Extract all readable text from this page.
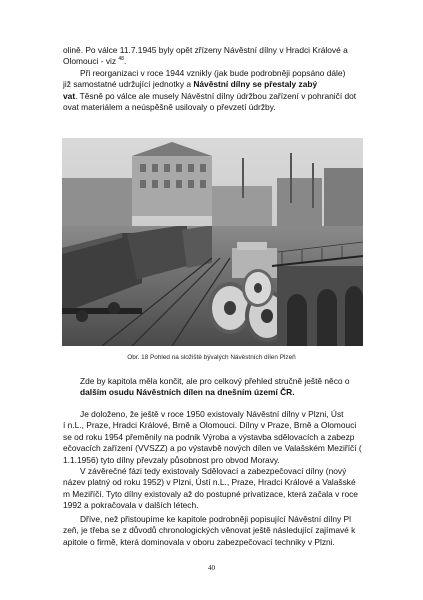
olině. Po válce 11.7.1945 byly opět zřízeny Návěstní dílny v Hradci Králové a
Olomouci - viz $^{48}$.

Při reorganizaci v roce 1944 vznikly (jak bude podrobněji popsáno dále)
již samostatné udržující jednotky a Návěstní dílny se přestaly zabý
vat. Těsně po válce ale musely Návěstní dílny údržbou zařízení v pohraničí dot
ovat materiálem a neúspěšně usilovaly o převzetí údržby.

Obr. 18 Pohled na složiště bývalých Návěstních dílen Plzeň

Zde by kapitola měla končit, ale pro celkový přehled stručně ještě něco o
dalším osudu Návěstních dílen na dnešním území ČR.

Je doloženo, že ještě v roce 1950 existovaly Návěstní dílny v Plzni, Úst
í n.L., Praze, Hradci Králové, Brně a Olomouci. Dílny v Praze, Brně a Olomouci
se od roku 1954 přeměnily na podnik Výroba a výstavba sdělovacích a zabezp
ečovacích zařízení (VVSZZ) a po výstavbě nových dílen ve Valašském Meziříčí (
1.1.1956) tyto dílny převzaly působnost pro obvod Moravy.
V závěrečné fázi tedy existovaly Sdělovací a zabezpečovací dílny (nový
název platný od roku 1952) v Plzni, Ústí n.L., Praze, Hradci Králové a Valašské
m Meziříčí. Tyto dílny existovaly až do postupné privatizace, která začala v roce
1992 a pokračovala v dalších létech.

Dříve, než přistoupíme ke kapitole podrobněji popisující Návěstní dílny Pl
zeň, je třeba se z důvodů chronologických věnovat ještě následující zajímavé k
apitole o firmě, která dominovala v oboru zabezpečovací techniky v Plzni.

40
